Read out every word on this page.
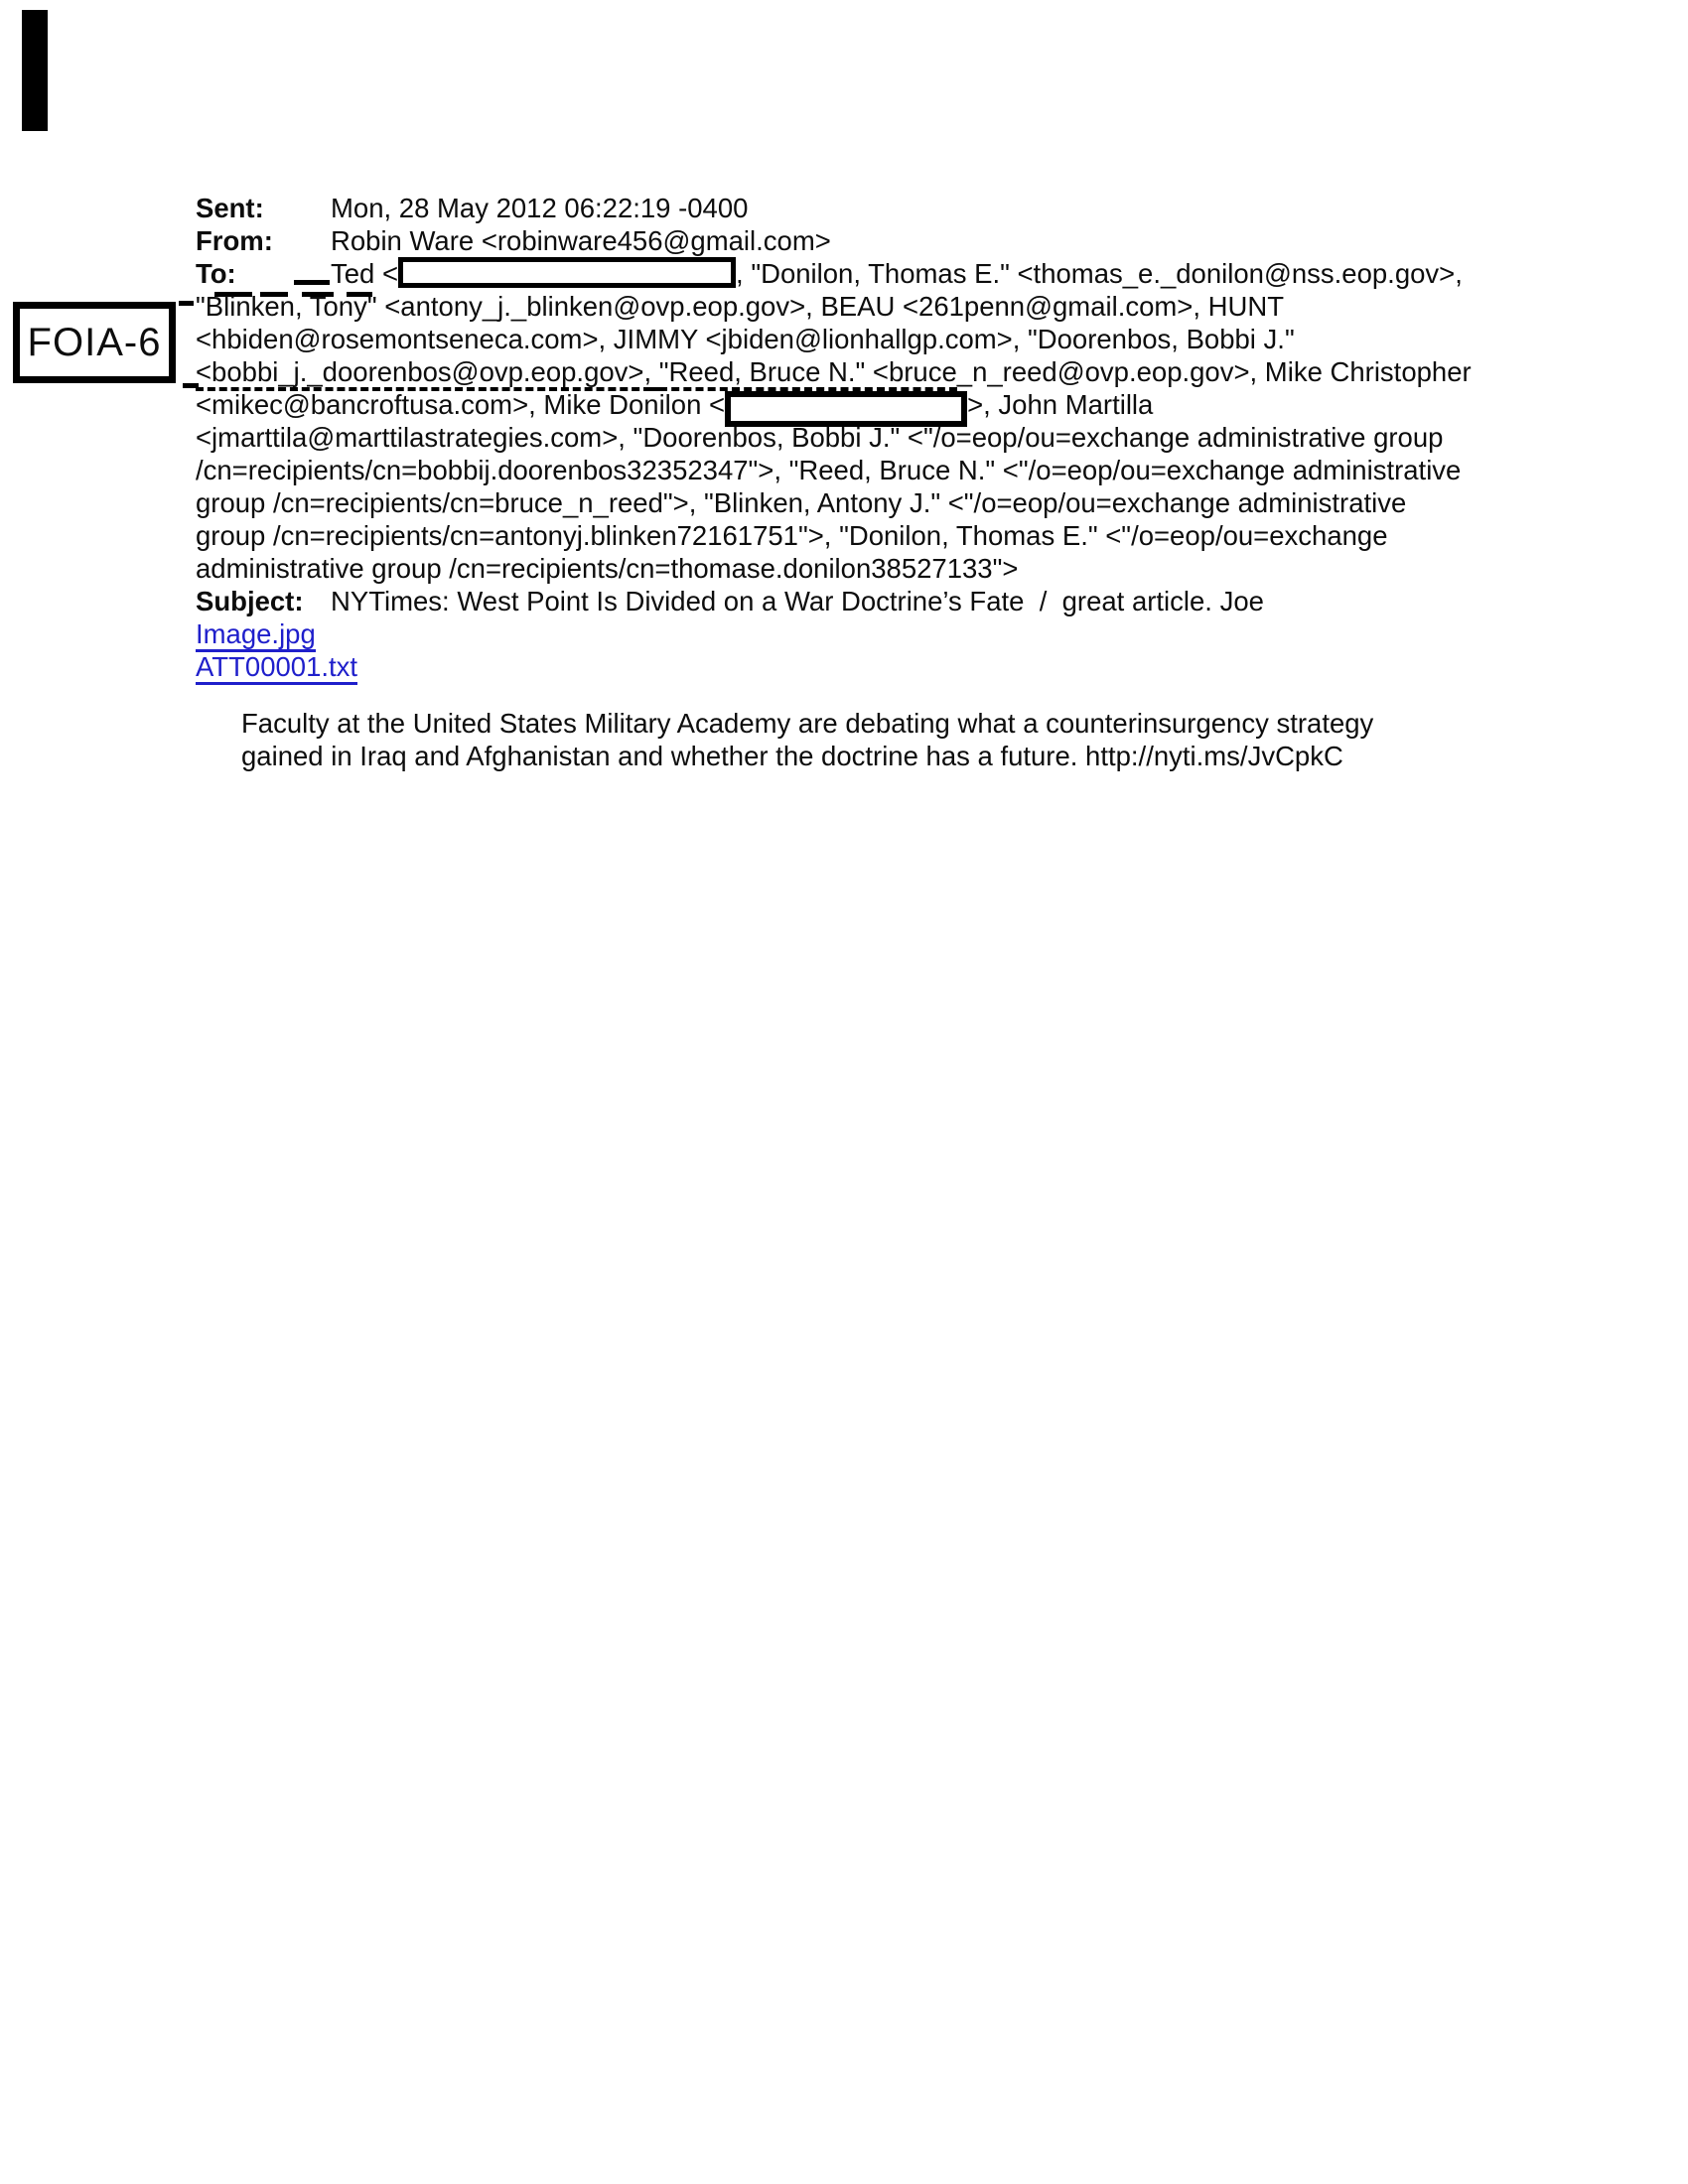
FOIA-6
Sent: Mon, 28 May 2012 06:22:19 -0400
From: Robin Ware <robinware456@gmail.com>
To:	Ted <	, "Donilon, Thomas E." <thomas_e._donilon@nss.eop.gov>,
"Blinken, Tony" <antony_j._blinken@ovp.eop.gov>, BEAU <261penn@gmail.com>, HUNT
<hbiden@rosemontseneca.com>, JIMMY <jbiden@lionhallgp.com>, "Doorenbos, Bobbi J."
<bobbi_j._doorenbos@ovp.eop.gov>, "Reed, Bruce N." <bruce_n_reed@ovp.eop.gov>, Mike Christopher
<mikec@bancroftusa.com>, Mike Donilon <	>, John Martilla
<jmarttila@marttilastrategies.com>, "Doorenbos, Bobbi J." <"/o=eop/ou=exchange administrative group
/cn=recipients/cn=bobbij.doorenbos32352347">, "Reed, Bruce N." <"/o=eop/ou=exchange administrative
group /cn=recipients/cn=bruce_n_reed">, "Blinken, Antony J." <"/o=eop/ou=exchange administrative
group /cn=recipients/cn=antonyj.blinken72161751">, "Donilon, Thomas E." <"/o=eop/ou=exchange
administrative group /cn=recipients/cn=thomase.donilon38527133">
Subject: NYTimes: West Point Is Divided on a War Doctrine’s Fate  /  great article. Joe
Image.jpg
ATT00001.txt
Faculty at the United States Military Academy are debating what a counterinsurgency strategy
gained in Iraq and Afghanistan and whether the doctrine has a future. http://nyti.ms/JvCpkC
